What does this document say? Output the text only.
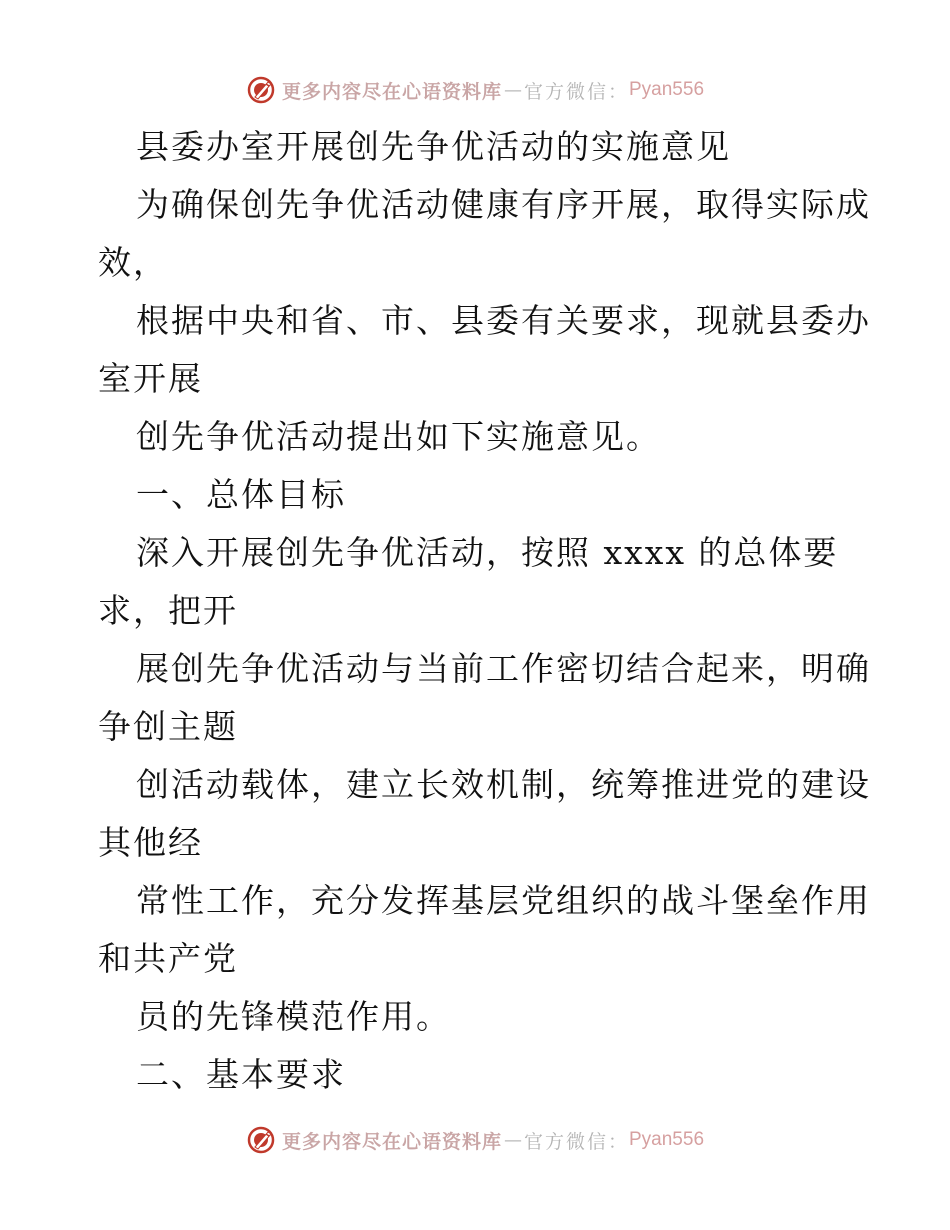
更多内容尽在心语资料库 — 官方微信： Pyan556
县委办室开展创先争优活动的实施意见
为确保创先争优活动健康有序开展，取得实际成
效，
根据中央和省、市、县委有关要求，现就县委办
室开展
创先争优活动提出如下实施意见。
一、总体目标
深入开展创先争优活动，按照 xxxx 的总体要
求，把开
展创先争优活动与当前工作密切结合起来，明确
争创主题
创活动载体，建立长效机制，统筹推进党的建设
其他经
常性工作，充分发挥基层党组织的战斗堡垒作用
和共产党
员的先锋模范作用。
二、基本要求
更多内容尽在心语资料库 — 官方微信： Pyan556
